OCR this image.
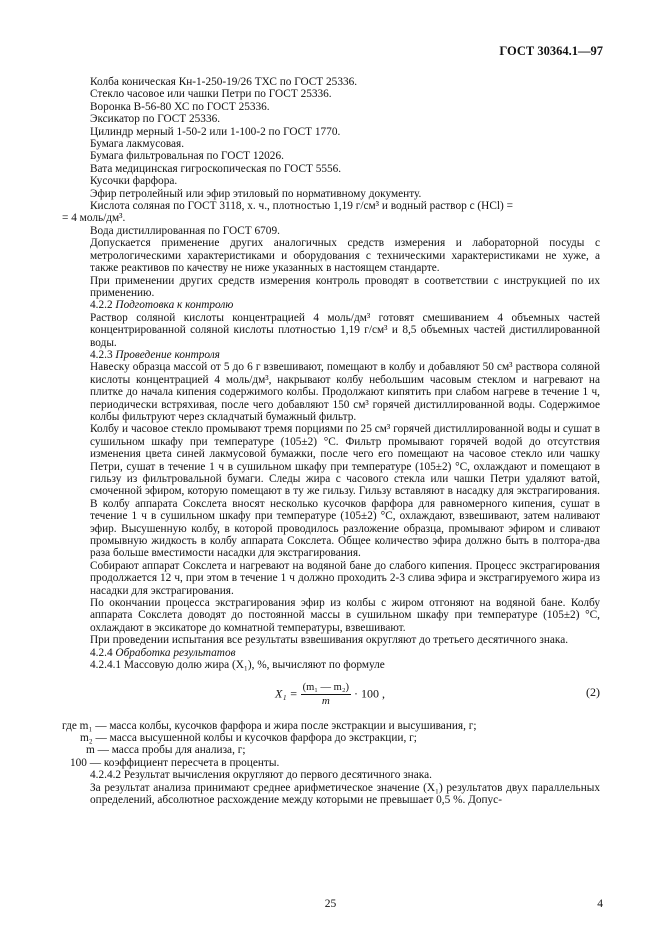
ГОСТ 30364.1—97

Колба коническая Кн-1-250-19/26 ТХС по ГОСТ 25336.

Стекло часовое или чашки Петри по ГОСТ 25336.

Воронка В-56-80 ХС по ГОСТ 25336.

Эксикатор по ГОСТ 25336.

Цилиндр мерный 1-50-2 или 1-100-2 по ГОСТ 1770.

Бумага лакмусовая.

Бумага фильтровальная по ГОСТ 12026.

Вата медицинская гигроскопическая по ГОСТ 5556.

Кусочки фарфора.

Эфир петролейный или эфир этиловый по нормативному документу.

Кислота соляная по ГОСТ 3118, х. ч., плотностью 1,19 г/см³ и водный раствор c (HCl) =

= 4 моль/дм³.

Вода дистиллированная по ГОСТ 6709.

Допускается применение других аналогичных средств измерения и лабораторной посуды с метрологическими характеристиками и оборудования с техническими характеристиками не хуже, а также реактивов по качеству не ниже указанных в настоящем стандарте.

При применении других средств измерения контроль проводят в соответствии с инструкцией по их применению.

4.2.2 Подготовка к контролю

Раствор соляной кислоты концентрацией 4 моль/дм³ готовят смешиванием 4 объемных частей концентрированной соляной кислоты плотностью 1,19 г/см³ и 8,5 объемных частей дистиллированной воды.

4.2.3 Проведение контроля

Навеску образца массой от 5 до 6 г взвешивают, помещают в колбу и добавляют 50 см³ раствора соляной кислоты концентрацией 4 моль/дм³, накрывают колбу небольшим часовым стеклом и нагревают на плитке до начала кипения содержимого колбы. Продолжают кипятить при слабом нагреве в течение 1 ч, периодически встряхивая, после чего добавляют 150 см³ горячей дистиллированной воды. Содержимое колбы фильтруют через складчатый бумажный фильтр.

Колбу и часовое стекло промывают тремя порциями по 25 см³ горячей дистиллированной воды и сушат в сушильном шкафу при температуре (105±2) °С. Фильтр промывают горячей водой до отсутствия изменения цвета синей лакмусовой бумажки, после чего его помещают на часовое стекло или чашку Петри, сушат в течение 1 ч в сушильном шкафу при температуре (105±2) °С, охлаждают и помещают в гильзу из фильтровальной бумаги. Следы жира с часового стекла или чашки Петри удаляют ватой, смоченной эфиром, которую помещают в ту же гильзу. Гильзу вставляют в насадку для экстрагирования. В колбу аппарата Сокслета вносят несколько кусочков фарфора для равномерного кипения, сушат в течение 1 ч в сушильном шкафу при температуре (105±2) °С, охлаждают, взвешивают, затем наливают эфир. Высушенную колбу, в которой проводилось разложение образца, промывают эфиром и сливают промывную жидкость в колбу аппарата Сокслета. Общее количество эфира должно быть в полтора-два раза больше вместимости насадки для экстрагирования.

Собирают аппарат Сокслета и нагревают на водяной бане до слабого кипения. Процесс экстрагирования продолжается 12 ч, при этом в течение 1 ч должно проходить 2-3 слива эфира и экстрагируемого жира из насадки для экстрагирования.

По окончании процесса экстрагирования эфир из колбы с жиром отгоняют на водяной бане. Колбу аппарата Сокслета доводят до постоянной массы в сушильном шкафу при температуре (105±2) °С, охлаждают в эксикаторе до комнатной температуры, взвешивают.

При проведении испытания все результаты взвешивания округляют до третьего десятичного знака.

4.2.4 Обработка результатов

4.2.4.1 Массовую долю жира (X₁), %, вычисляют по формуле

$X_1 = \frac{\text{(m₁ — m₂)}}{m} \cdot 100$ ,	(2)

где m₁ — масса колбы, кусочков фарфора и жира после экстракции и высушивания, г;

m₂ — масса высушенной колбы и кусочков фарфора до экстракции, г;

m — масса пробы для анализа, г;

100 — коэффициент пересчета в проценты.

4.2.4.2 Результат вычисления округляют до первого десятичного знака.

За результат анализа принимают среднее арифметическое значение (X₁) результатов двух параллельных определений, абсолютное расхождение между которыми не превышает 0,5 %. Допус-

25	4
